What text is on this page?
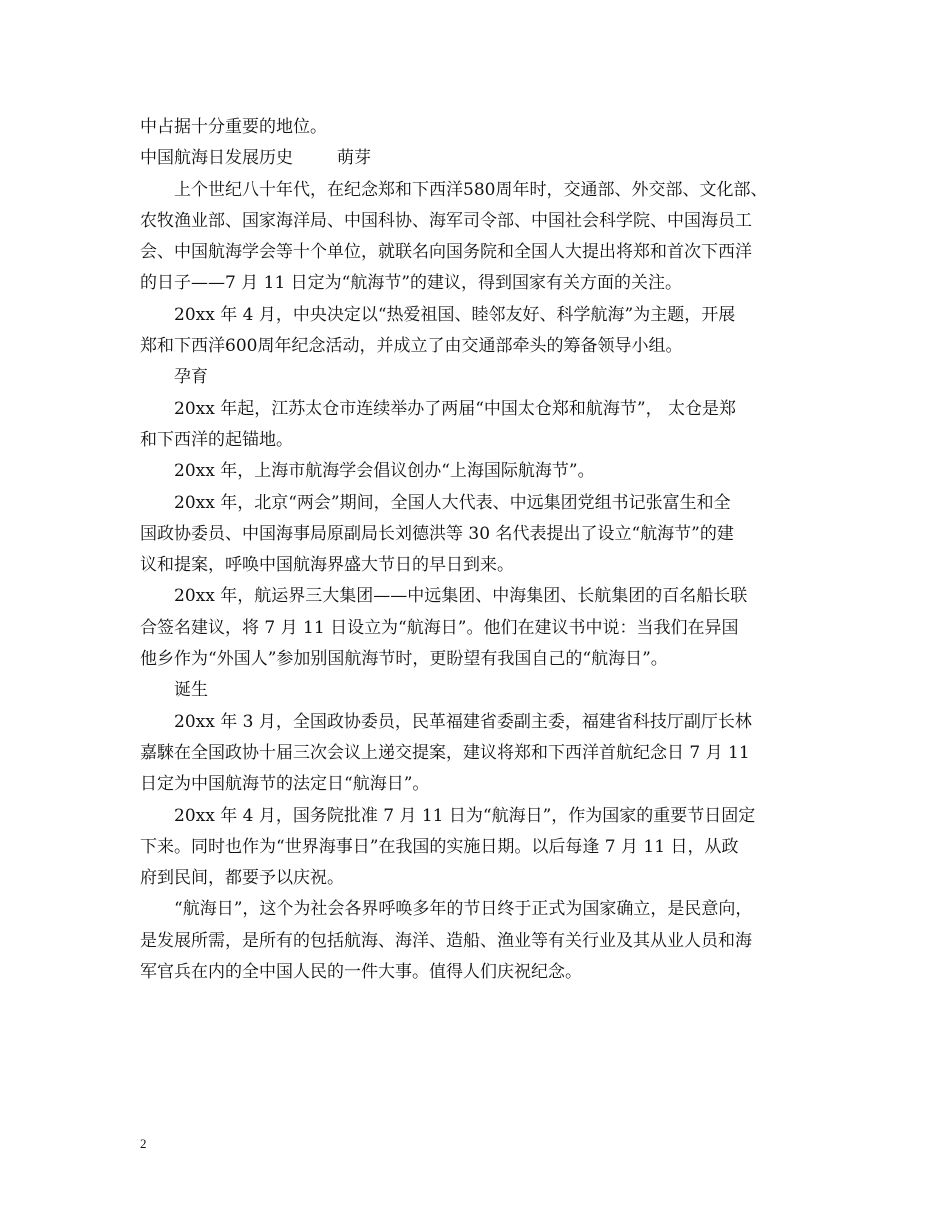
中占据十分重要的地位。
中国航海日发展历史	萌芽
上个世纪八十年代，在纪念郑和下西洋580周年时，交通部、外交部、文化部、
农牧渔业部、国家海洋局、中国科协、海军司令部、中国社会科学院、中国海员工
会、中国航海学会等十个单位，就联名向国务院和全国人大提出将郑和首次下西洋
的日子——7 月 11 日定为“航海节”的建议，得到国家有关方面的关注。
20xx 年 4 月，中央决定以“热爱祖国、睦邻友好、科学航海”为主题，开展
郑和下西洋600周年纪念活动，并成立了由交通部牵头的筹备领导小组。
孕育
20xx 年起，江苏太仓市连续举办了两届“中国太仓郑和航海节”， 太仓是郑
和下西洋的起锚地。
20xx 年，上海市航海学会倡议创办“上海国际航海节”。
20xx 年，北京“两会”期间，全国人大代表、中远集团党组书记张富生和全
国政协委员、中国海事局原副局长刘德洪等 30 名代表提出了设立“航海节”的建
议和提案，呼唤中国航海界盛大节日的早日到来。
20xx 年，航运界三大集团——中远集团、中海集团、长航集团的百名船长联
合签名建议，将 7 月 11 日设立为“航海日”。他们在建议书中说：当我们在异国
他乡作为“外国人”参加别国航海节时，更盼望有我国自己的“航海日”。
诞生
20xx 年 3 月，全国政协委员，民革福建省委副主委，福建省科技厅副厅长林
嘉騋在全国政协十届三次会议上递交提案，建议将郑和下西洋首航纪念日 7 月 11
日定为中国航海节的法定日“航海日”。
20xx 年 4 月，国务院批准 7 月 11 日为“航海日”，作为国家的重要节日固定
下来。同时也作为“世界海事日”在我国的实施日期。以后每逢 7 月 11 日，从政
府到民间，都要予以庆祝。
“航海日”，这个为社会各界呼唤多年的节日终于正式为国家确立，是民意向，
是发展所需，是所有的包括航海、海洋、造船、渔业等有关行业及其从业人员和海
军官兵在内的全中国人民的一件大事。值得人们庆祝纪念。
2
